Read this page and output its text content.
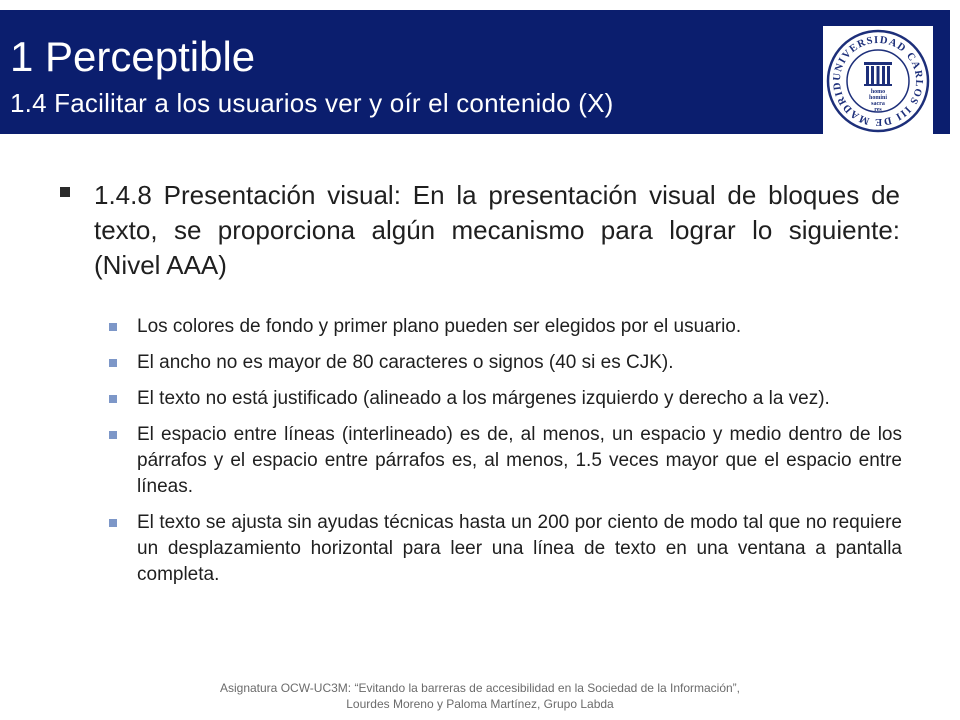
1 Perceptible
1.4 Facilitar a los usuarios ver y oír el contenido (X)
UNIVERSIDAD CARLOS III DE MADRID
homo
homini
sacra
res
1.4.8 Presentación visual: En la presentación visual de bloques de texto, se proporciona algún mecanismo para lograr lo siguiente: (Nivel AAA)
Los colores de fondo y primer plano pueden ser elegidos por el usuario.
El ancho no es mayor de 80 caracteres o signos (40 si es CJK).
El texto no está justificado (alineado a los márgenes izquierdo y derecho a la vez).
El espacio entre líneas (interlineado) es de, al menos, un espacio y medio dentro de los párrafos y el espacio entre párrafos es, al menos, 1.5 veces mayor que el espacio entre líneas.
El texto se ajusta sin ayudas técnicas hasta un 200 por ciento de modo tal que no requiere un desplazamiento horizontal para leer una línea de texto en una ventana a pantalla completa.
Asignatura OCW-UC3M: “Evitando la barreras de accesibilidad en la Sociedad de la Información”,
Lourdes Moreno y Paloma Martínez, Grupo Labda
